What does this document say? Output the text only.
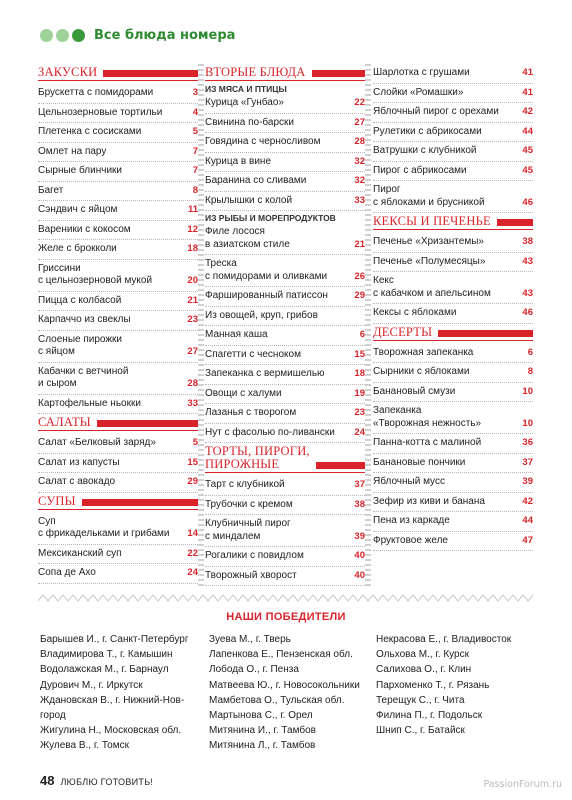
Все блюда номера
ЗАКУСКИ
Брускетта с помидорами	3
Цельнозерновые тортильи	4
Плетенка с сосисками	5
Омлет на пару	7
Сырные блинчики	7
Багет	8
Сэндвич с яйцом	11
Вареники с кокосом	12
Желе с брокколи	18
Гриссини
с цельнозерновой мукой	20
Пицца с колбасой	21
Карпаччо из свеклы	23
Слоеные пирожки
с яйцом	27
Кабачки с ветчиной
и сыром	28
Картофельные ньокки	33
САЛАТЫ
Салат «Белковый заряд»	5
Салат из капусты	15
Салат с авокадо	29
СУПЫ
Суп
с фрикадельками и грибами	14
Мексиканский суп	22
Сопа де Ахо	24
ВТОРЫЕ БЛЮДА
ИЗ МЯСА И ПТИЦЫ
Курица «Гунбао»	22
Свинина по-барски	27
Говядина с черносливом	28
Курица в вине	32
Баранина со сливами	32
Крылышки с колой	33
ИЗ РЫБЫ И МОРЕПРОДУКТОВ
Филе лосося
в азиатском стиле	21
Треска
с помидорами и оливками	26
Фаршированный патиссон	29
Из овощей, круп, грибов
Манная каша	6
Спагетти с чесноком	15
Запеканка с вермишелью	18
Овощи с халуми	19
Лазанья с творогом	23
Нут с фасолью по-ливански	24
ТОРТЫ, ПИРОГИ,
ПИРОЖНЫЕ
Тарт с клубникой	37
Трубочки с кремом	38
Клубничный пирог
с миндалем	39
Рогалики с повидлом	40
Творожный хворост	40
Шарлотка с грушами	41
Слойки «Ромашки»	41
Яблочный пирог с орехами	42
Рулетики с абрикосами	44
Ватрушки с клубникой	45
Пирог с абрикосами	45
Пирог
с яблоками и брусникой	46
КЕКСЫ И ПЕЧЕНЬЕ
Печенье «Хризантемы»	38
Печенье «Полумесяцы»	43
Кекс
с кабачком и апельсином	43
Кексы с яблоками	46
ДЕСЕРТЫ
Творожная запеканка	6
Сырники с яблоками	8
Банановый смузи	10
Запеканка
«Творожная нежность»	10
Панна-котта с малиной	36
Банановые пончики	37
Яблочный мусс	39
Зефир из киви и банана	42
Пена из каркаде	44
Фруктовое желе	47
НАШИ ПОБЕДИТЕЛИ
Барышев И., г. Санкт-Петербург
Владимирова Т., г. Камышин
Водолажская М., г. Барнаул
Дурович М., г. Иркутск
Ждановская В., г. Нижний-Нов-
город
Жигулина Н., Московская обл.
Жулева В., г. Томск
Зуева М., г. Тверь
Лапенкова Е., Пензенская обл.
Лобода О., г. Пенза
Матвеева Ю., г. Новосокольники
Мамбетова О., Тульская обл.
Мартынова С., г. Орел
Митянина И., г. Тамбов
Митянина Л., г. Тамбов
Некрасова Е., г. Владивосток
Ольхова М., г. Курск
Салихова О., г. Клин
Пархоменко Т., г. Рязань
Терещук С., г. Чита
Филина П., г. Подольск
Шнип С., г. Батайск
48 ЛЮБЛЮ ГОТОВИТЬ!	PassionForum.ru
